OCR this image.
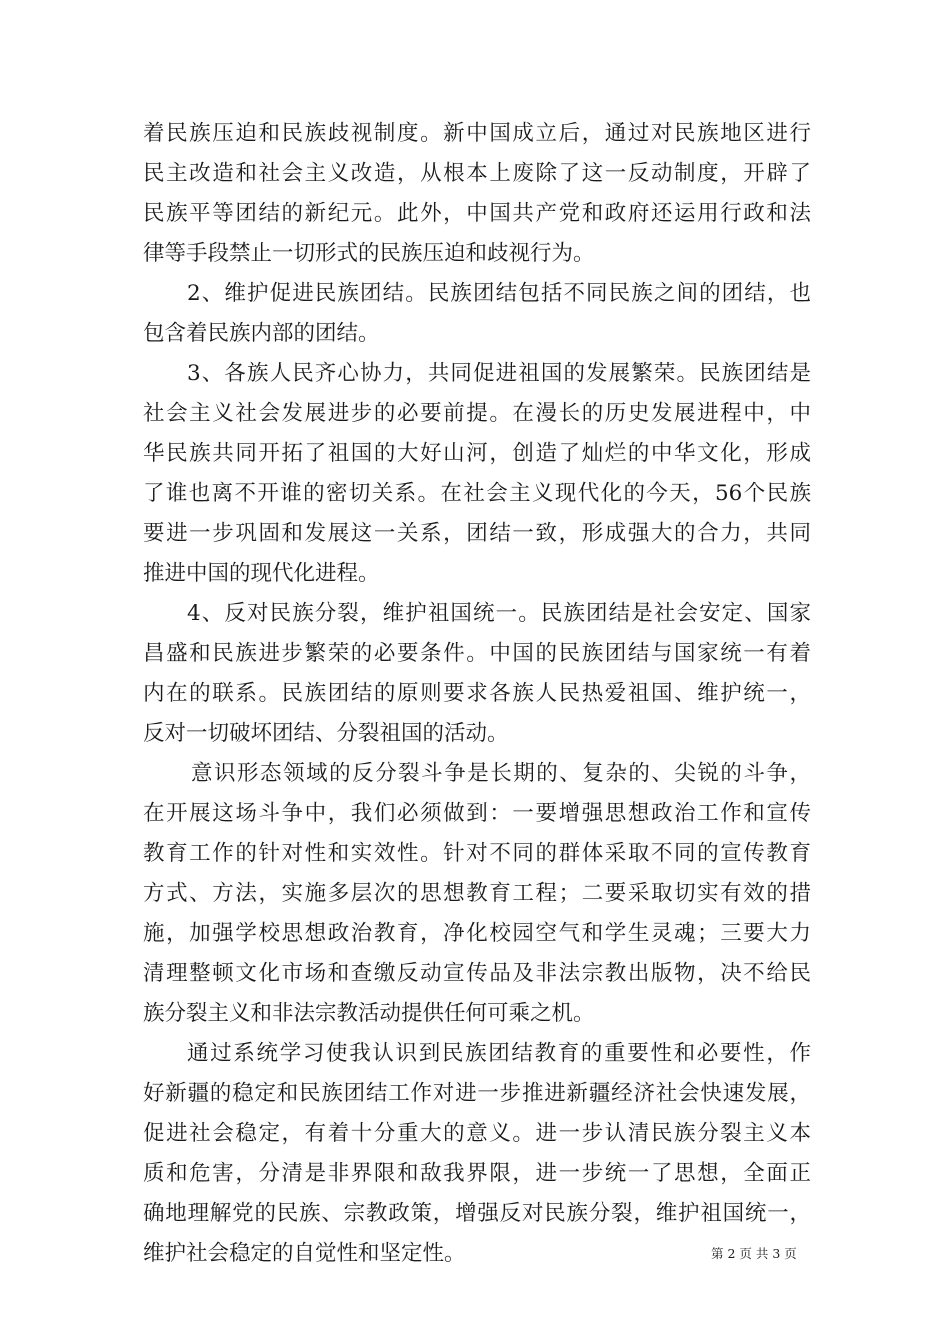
着民族压迫和民族歧视制度。新中国成立后，通过对民族地区进行
民主改造和社会主义改造，从根本上废除了这一反动制度，开辟了
民族平等团结的新纪元。此外，中国共产党和政府还运用行政和法
律等手段禁止一切形式的民族压迫和歧视行为。
2、维护促进民族团结。民族团结包括不同民族之间的团结，也
包含着民族内部的团结。
3、各族人民齐心协力，共同促进祖国的发展繁荣。民族团结是
社会主义社会发展进步的必要前提。在漫长的历史发展进程中，中
华民族共同开拓了祖国的大好山河，创造了灿烂的中华文化，形成
了谁也离不开谁的密切关系。在社会主义现代化的今天，56个民族
要进一步巩固和发展这一关系，团结一致，形成强大的合力，共同
推进中国的现代化进程。
4、反对民族分裂，维护祖国统一。民族团结是社会安定、国家
昌盛和民族进步繁荣的必要条件。中国的民族团结与国家统一有着
内在的联系。民族团结的原则要求各族人民热爱祖国、维护统一，
反对一切破坏团结、分裂祖国的活动。
意识形态领域的反分裂斗争是长期的、复杂的、尖锐的斗争，
在开展这场斗争中，我们必须做到：一要增强思想政治工作和宣传
教育工作的针对性和实效性。针对不同的群体采取不同的宣传教育
方式、方法，实施多层次的思想教育工程；二要采取切实有效的措
施，加强学校思想政治教育，净化校园空气和学生灵魂；三要大力
清理整顿文化市场和查缴反动宣传品及非法宗教出版物，决不给民
族分裂主义和非法宗教活动提供任何可乘之机。
通过系统学习使我认识到民族团结教育的重要性和必要性，作
好新疆的稳定和民族团结工作对进一步推进新疆经济社会快速发展，
促进社会稳定，有着十分重大的意义。进一步认清民族分裂主义本
质和危害，分清是非界限和敌我界限，进一步统一了思想，全面正
确地理解党的民族、宗教政策，增强反对民族分裂，维护祖国统一，
维护社会稳定的自觉性和坚定性。	第 2 页 共 3 页
